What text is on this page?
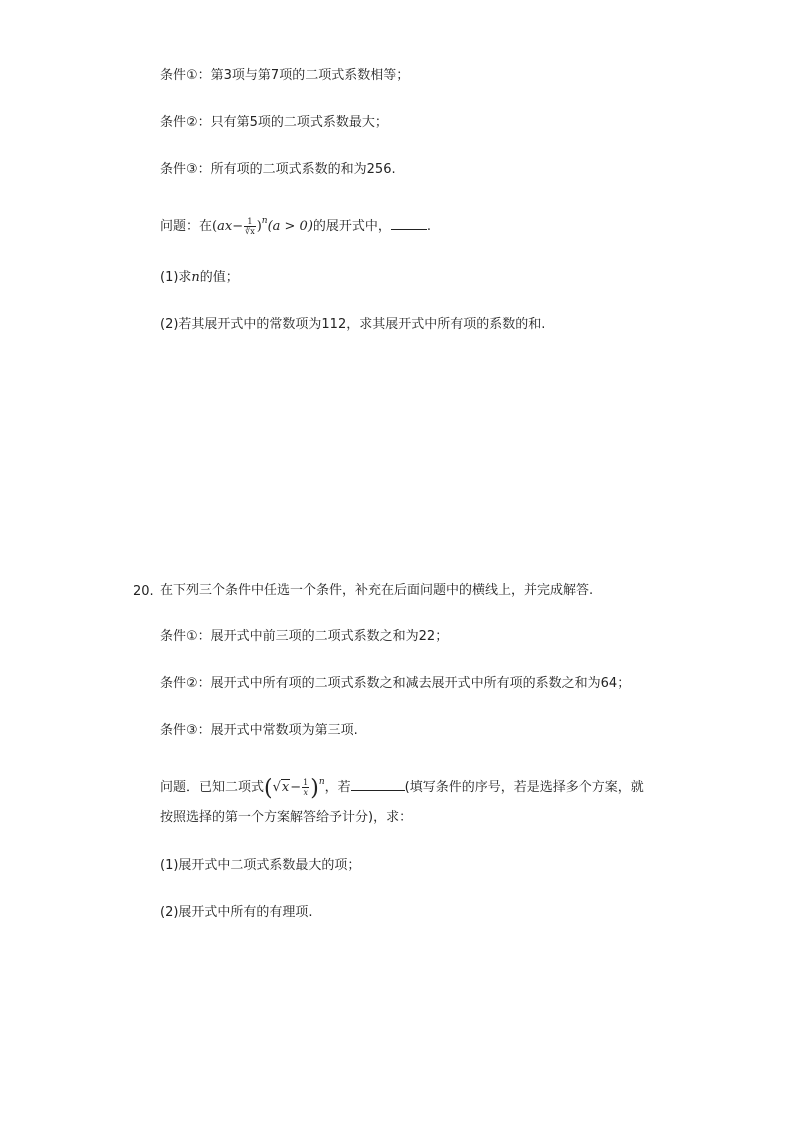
条件①：第3项与第7项的二项式系数相等；
条件②：只有第5项的二项式系数最大；
条件③：所有项的二项式系数的和为256.
问题：在$(ax- \frac{1}{∛x} )^n(a > 0)$的展开式中，	.
(1)求n的值；
(2)若其展开式中的常数项为112，求其展开式中所有项的系数的和.
20. 在下列三个条件中任选一个条件，补充在后面问题中的横线上，并完成解答.
条件①：展开式中前三项的二项式系数之和为22；
条件②：展开式中所有项的二项式系数之和减去展开式中所有项的系数之和为64；
条件③：展开式中常数项为第三项.
问题．已知二项式$(√x- \frac{1}{x} )^n$，若	(填写条件的序号，若是选择多个方案，就
按照选择的第一个方案解答给予计分)，求：
(1)展开式中二项式系数最大的项；
(2)展开式中所有的有理项.
